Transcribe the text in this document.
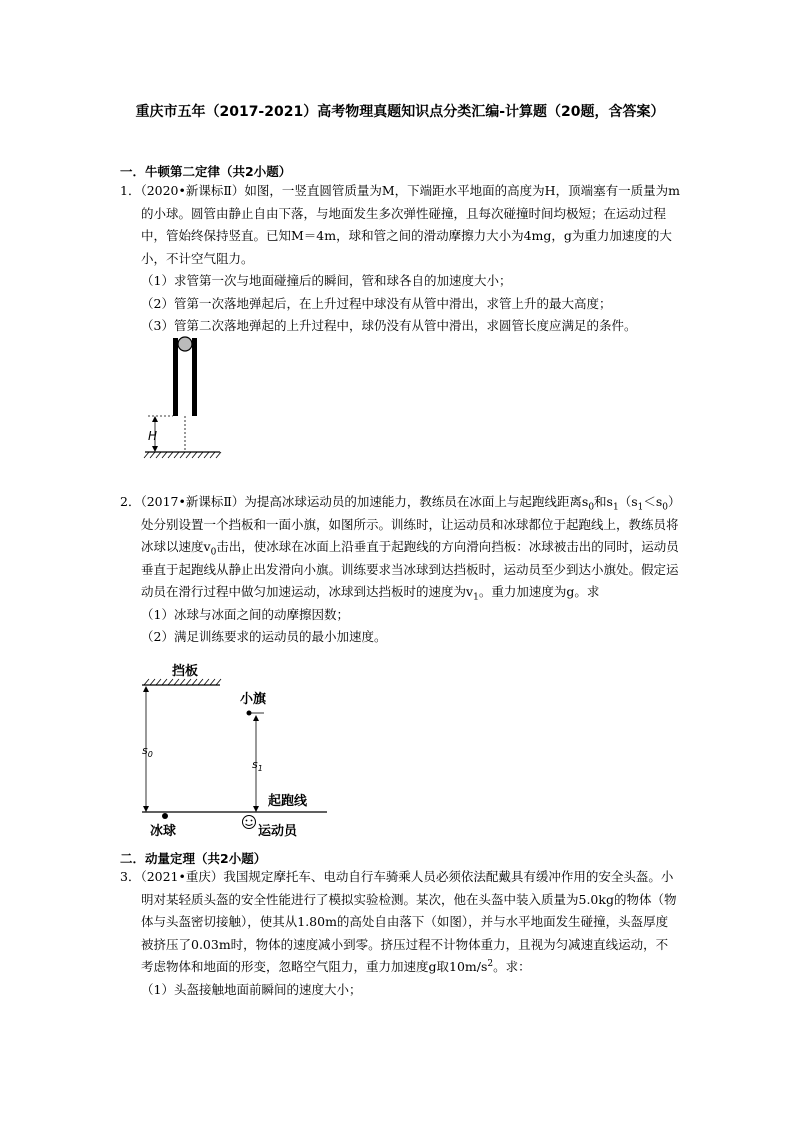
重庆市五年（2017-2021）高考物理真题知识点分类汇编-计算题（20题，含答案）
一．牛顿第二定律（共2小题）

1．（2020•新课标Ⅱ）如图，一竖直圆管质量为M，下端距水平地面的高度为H，顶端塞有一质量为m的小球。圆管由静止自由下落，与地面发生多次弹性碰撞，且每次碰撞时间均极短；在运动过程中，管始终保持竖直。已知M＝4m，球和管之间的滑动摩擦力大小为4mg，g为重力加速度的大小，不计空气阻力。

（1）求管第一次与地面碰撞后的瞬间，管和球各自的加速度大小；

（2）管第一次落地弹起后，在上升过程中球没有从管中滑出，求管上升的最大高度；

（3）管第二次落地弹起的上升过程中，球仍没有从管中滑出，求圆管长度应满足的条件。

H

2．（2017•新课标Ⅱ）为提高冰球运动员的加速能力，教练员在冰面上与起跑线距离$s_0$和$s_1(s_1<s_0)$处分别设置一个挡板和一面小旗，如图所示。训练时，让运动员和冰球都位于起跑线上，教练员将冰球以速度$v_0$击出，使冰球在冰面上沿垂直于起跑线的方向滑向挡板：冰球被击出的同时，运动员垂直于起跑线从静止出发滑向小旗。训练要求当冰球到达挡板时，运动员至少到达小旗处。假定运动员在滑行过程中做匀加速运动，冰球到达挡板时的速度为$v_1$。重力加速度为g。求

（1）冰球与冰面之间的动摩擦因数；

（2）满足训练要求的运动员的最小加速度。

挡板
小旗
$s_0$
$s_1$
起跑线
冰球	运动员
二．动量定理（共2小题）

3．（2021•重庆）我国规定摩托车、电动自行车骑乘人员必须依法配戴具有缓冲作用的安全头盔。小明对某轻质头盔的安全性能进行了模拟实验检测。某次，他在头盔中装入质量为5.0kg的物体（物体与头盔密切接触），使其从1.80m的高处自由落下（如图），并与水平地面发生碰撞，头盔厚度被挤压了0.03m时，物体的速度减小到零。挤压过程不计物体重力，且视为匀减速直线运动，不考虑物体和地面的形变，忽略空气阻力，重力加速度g取$10m/s^2$。求：

（1）头盔接触地面前瞬间的速度大小；
